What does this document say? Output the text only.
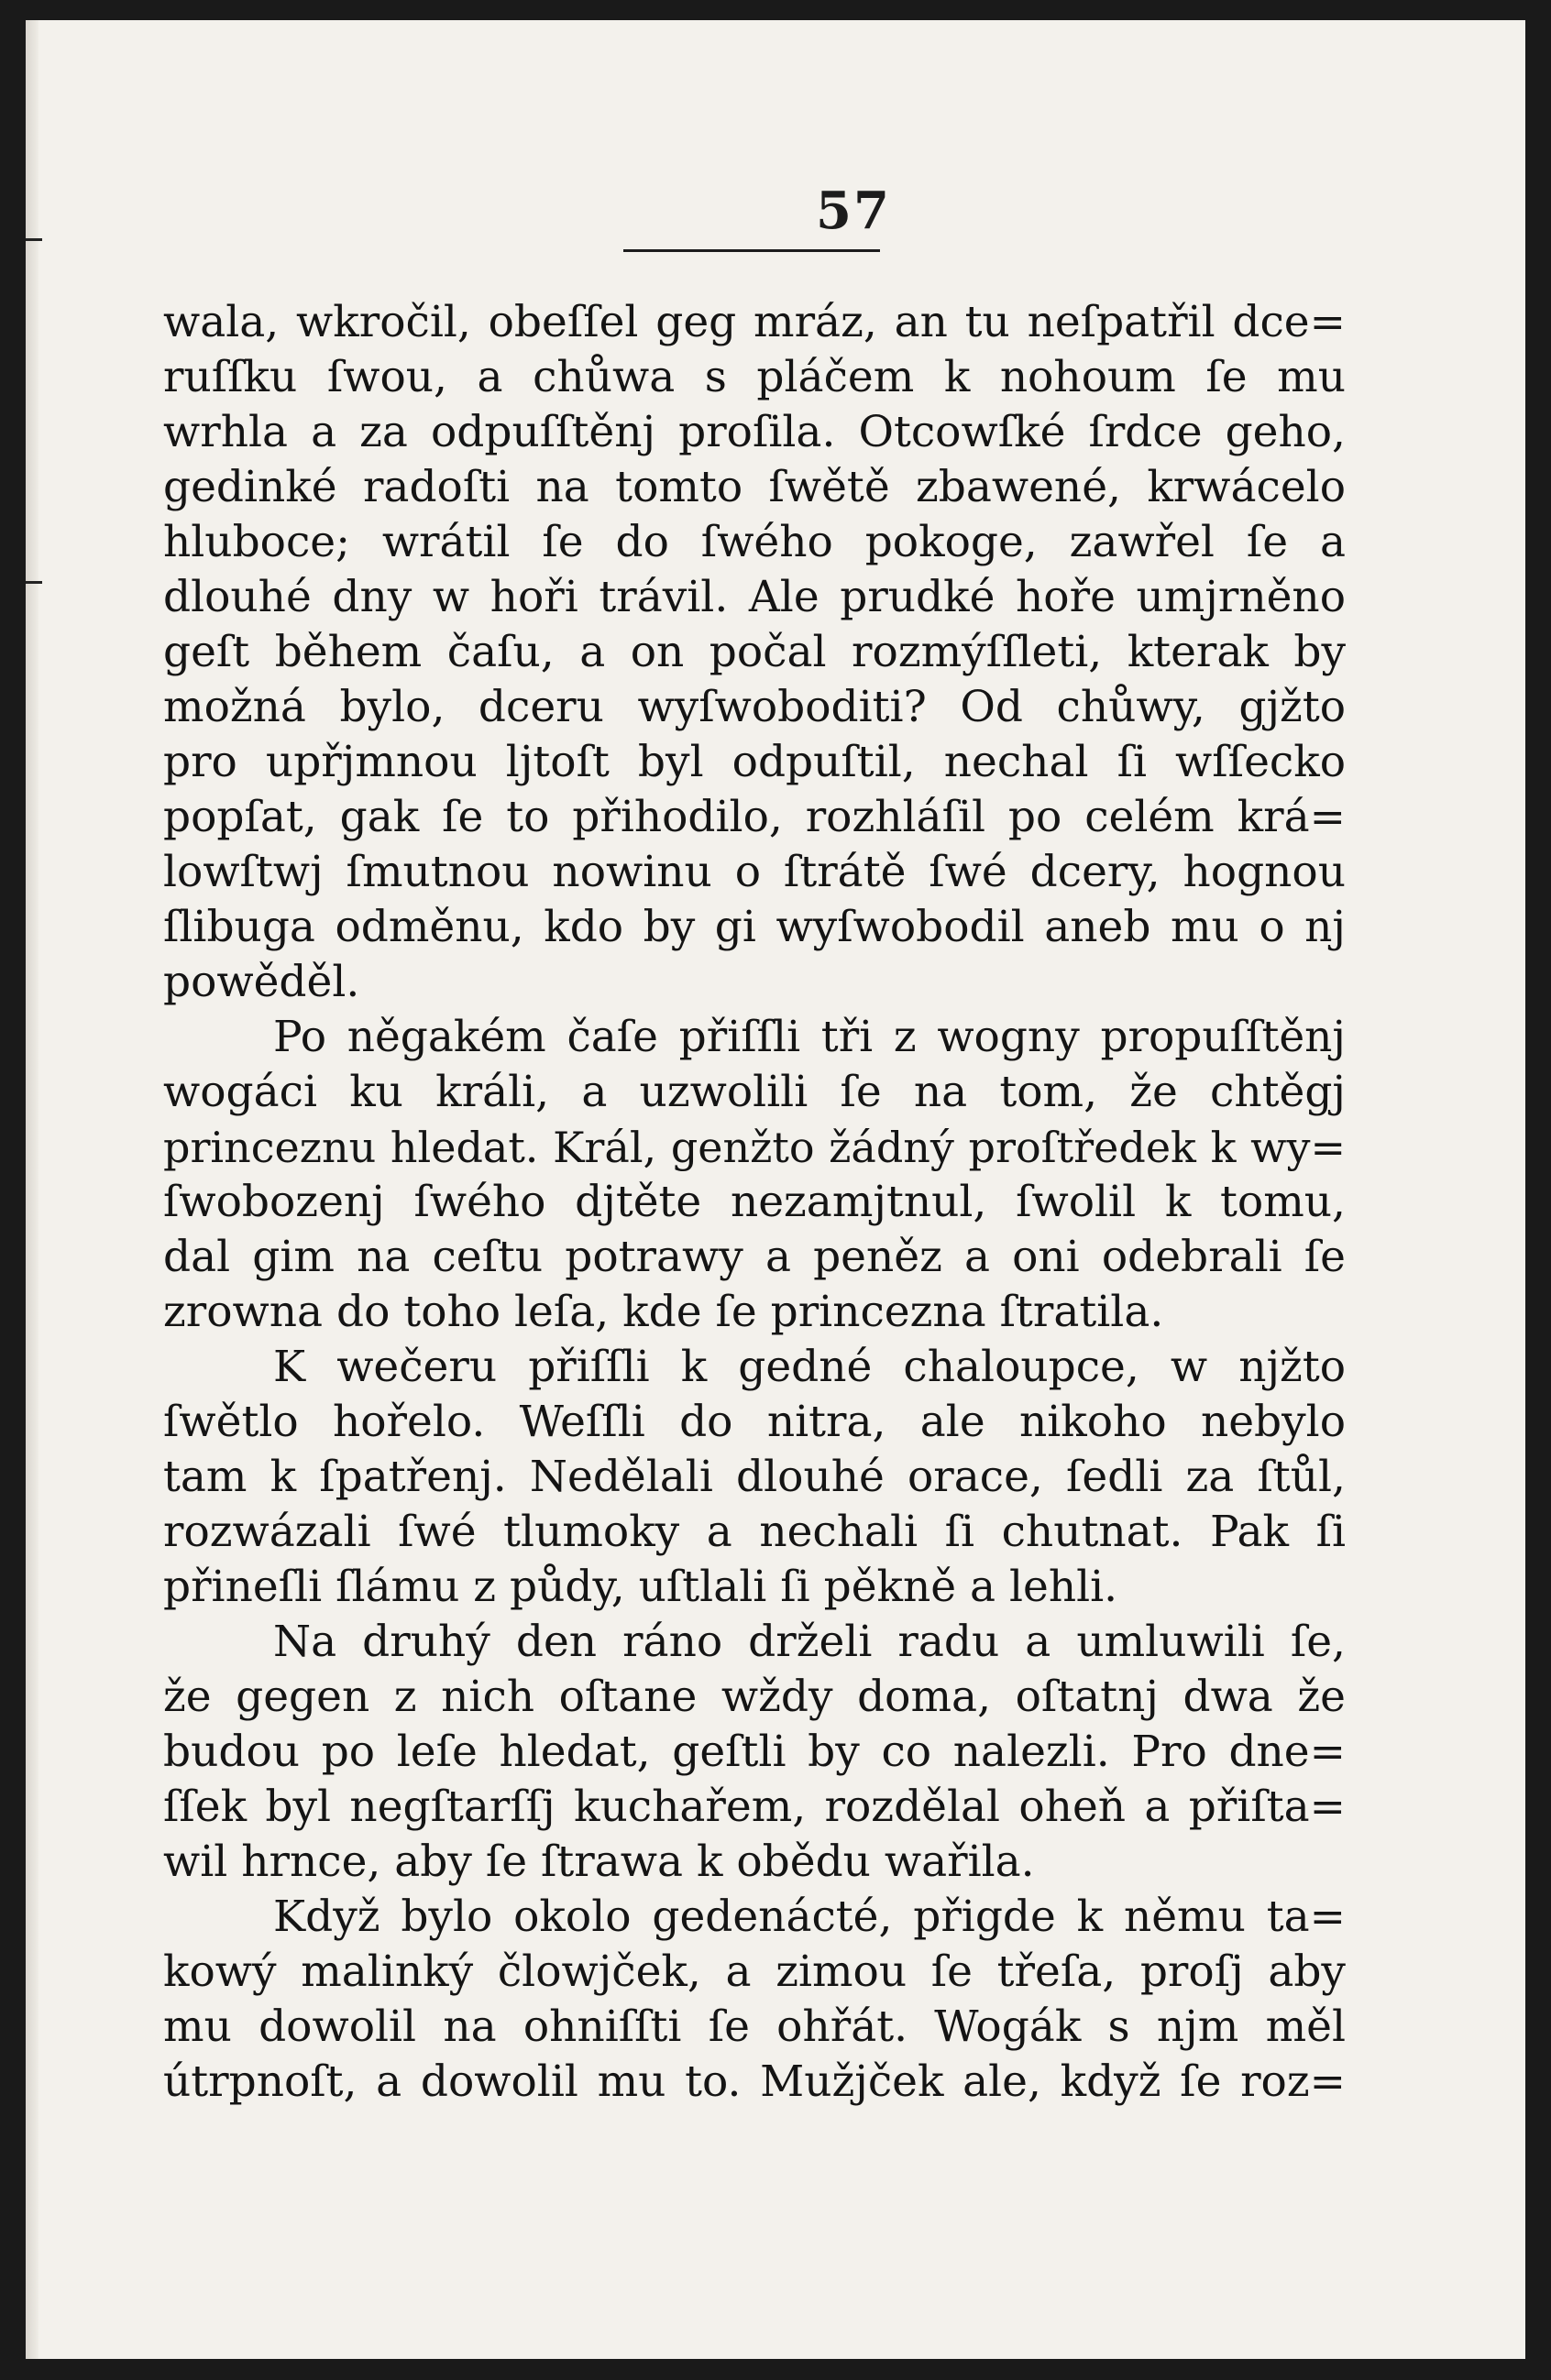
57

wala, wkročil, obeſſel geg mráz, an tu neſpatřil dce=

ruſſku ſwou, a chůwa s pláčem k nohoum ſe mu

wrhla a za odpuſſtěnj proſila. Otcowſké ſrdce geho,

gedinké radoſti na tomto ſwětě zbawené, krwácelo

hluboce; wrátil ſe do ſwého pokoge, zawřel ſe a

dlouhé dny w hoři trávil. Ale prudké hoře umjrněno

geſt během čaſu, a on počal rozmýſſleti, kterak by

možná bylo, dceru wyſwoboditi? Od chůwy, gjžto

pro upřjmnou ljtoſt byl odpuſtil, nechal ſi wſſecko

popſat, gak ſe to přihodilo, rozhláſil po celém krá=

lowſtwj ſmutnou nowinu o ſtrátě ſwé dcery, hognou

ſlibuga odměnu, kdo by gi wyſwobodil aneb mu o nj

powěděl.

Po něgakém čaſe přiſſli tři z wogny propuſſtěnj

wogáci ku králi, a uzwolili ſe na tom, že chtěgj

princeznu hledat. Král, genžto žádný proſtředek k wy=

ſwobozenj ſwého djtěte nezamjtnul, ſwolil k tomu,

dal gim na ceſtu potrawy a peněz a oni odebrali ſe

zrowna do toho leſa, kde ſe princezna ſtratila.

K wečeru přiſſli k gedné chaloupce, w njžto

ſwětlo hořelo. Weſſli do nitra, ale nikoho nebylo

tam k ſpatřenj. Nedělali dlouhé orace, ſedli za ſtůl,

rozwázali ſwé tlumoky a nechali ſi chutnat. Pak ſi

přineſli ſlámu z půdy, uſtlali ſi pěkně a lehli.

Na druhý den ráno drželi radu a umluwili ſe,

že gegen z nich oſtane wždy doma, oſtatnj dwa že

budou po leſe hledat, geſtli by co nalezli. Pro dne=

ſſek byl negſtarſſj kuchařem, rozdělal oheň a přiſta=

wil hrnce, aby ſe ſtrawa k obědu wařila.

Když bylo okolo gedenácté, přigde k němu ta=

kowý malinký člowjček, a zimou ſe třeſa, proſj aby

mu dowolil na ohniſſti ſe ohřát. Wogák s njm měl

útrpnoſt, a dowolil mu to. Mužjček ale, když ſe roz=
